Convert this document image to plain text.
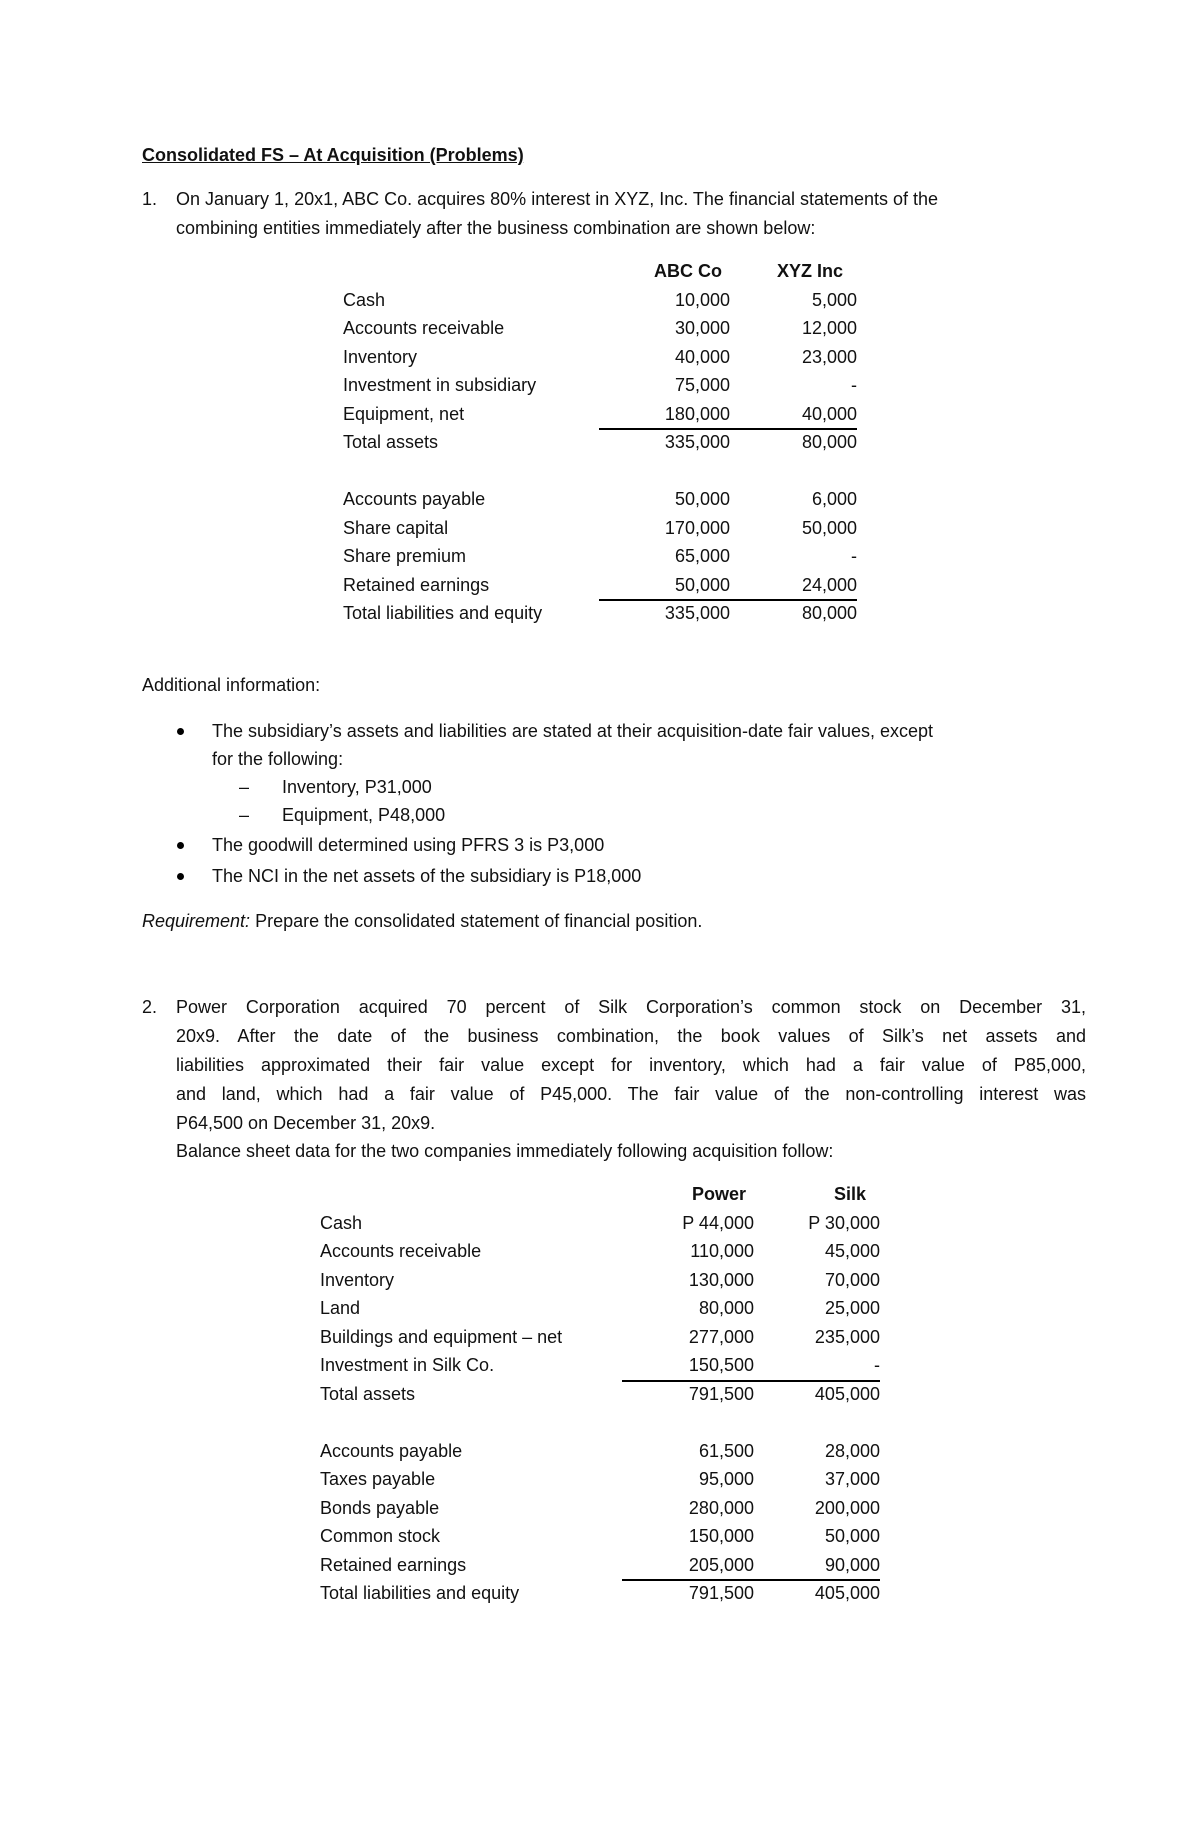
Consolidated FS – At Acquisition (Problems)
1. On January 1, 20x1, ABC Co. acquires 80% interest in XYZ, Inc. The financial statements of the
combining entities immediately after the business combination are shown below:
ABC Co	XYZ Inc
Cash	10,000	5,000
Accounts receivable	30,000	12,000
Inventory	40,000	23,000
Investment in subsidiary	75,000	-
Equipment, net	180,000	40,000
Total assets	335,000	80,000
Accounts payable	50,000	6,000
Share capital	170,000	50,000
Share premium	65,000	-
Retained earnings	50,000	24,000
Total liabilities and equity	335,000	80,000
Additional information:
The subsidiary’s assets and liabilities are stated at their acquisition-date fair values, except
for the following:
– Inventory, P31,000
– Equipment, P48,000
The goodwill determined using PFRS 3 is P3,000
The NCI in the net assets of the subsidiary is P18,000
Requirement: Prepare the consolidated statement of financial position.
2. Power Corporation acquired 70 percent of Silk Corporation’s common stock on December 31,
20x9. After the date of the business combination, the book values of Silk’s net assets and
liabilities approximated their fair value except for inventory, which had a fair value of P85,000,
and land, which had a fair value of P45,000. The fair value of the non-controlling interest was
P64,500 on December 31, 20x9.
Balance sheet data for the two companies immediately following acquisition follow:
Power	Silk
Cash	P 44,000	P 30,000
Accounts receivable	110,000	45,000
Inventory	130,000	70,000
Land	80,000	25,000
Buildings and equipment – net	277,000	235,000
Investment in Silk Co.	150,500	-
Total assets	791,500	405,000
Accounts payable	61,500	28,000
Taxes payable	95,000	37,000
Bonds payable	280,000	200,000
Common stock	150,000	50,000
Retained earnings	205,000	90,000
Total liabilities and equity	791,500	405,000
